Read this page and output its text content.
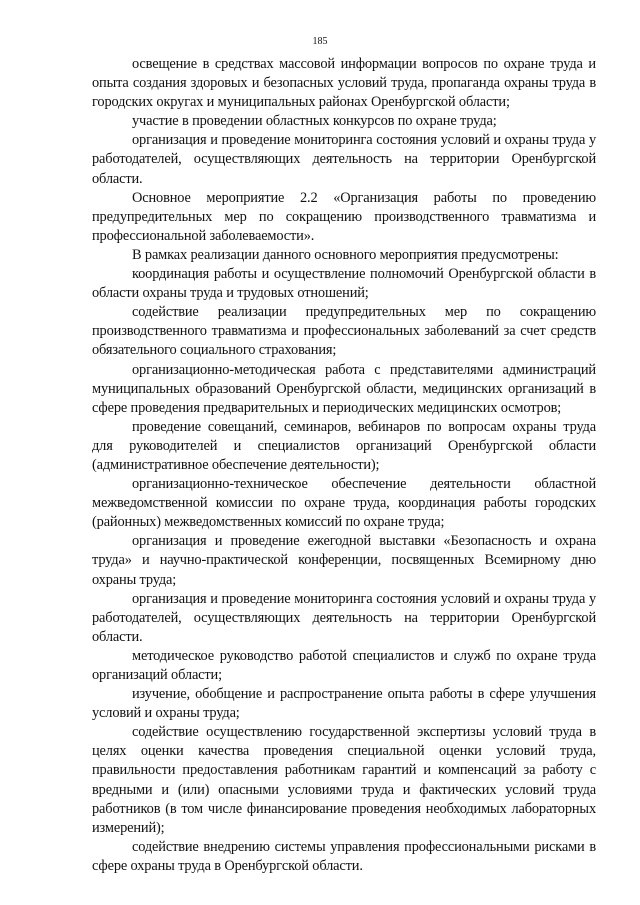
185

освещение в средствах массовой информации вопросов по охране труда и опыта создания здоровых и безопасных условий труда, пропаганда охраны труда в городских округах и муниципальных районах Оренбургской области;

участие в проведении областных конкурсов по охране труда;

организация и проведение мониторинга состояния условий и охраны труда у работодателей, осуществляющих деятельность на территории Оренбургской области.

Основное мероприятие 2.2 «Организация работы по проведению предупредительных мер по сокращению производственного травматизма и профессиональной заболеваемости».

В рамках реализации данного основного мероприятия предусмотрены:

координация работы и осуществление полномочий Оренбургской области в области охраны труда и трудовых отношений;

содействие реализации предупредительных мер по сокращению производственного травматизма и профессиональных заболеваний за счет средств обязательного социального страхования;

организационно-методическая работа с представителями администраций муниципальных образований Оренбургской области, медицинских организаций в сфере проведения предварительных и периодических медицинских осмотров;

проведение совещаний, семинаров, вебинаров по вопросам охраны труда для руководителей и специалистов организаций Оренбургской области (административное обеспечение деятельности);

организационно-техническое обеспечение деятельности областной межведомственной комиссии по охране труда, координация работы городских (районных) межведомственных комиссий по охране труда;

организация и проведение ежегодной выставки «Безопасность и охрана труда» и научно-практической конференции, посвященных Всемирному дню охраны труда;

организация и проведение мониторинга состояния условий и охраны труда у работодателей, осуществляющих деятельность на территории Оренбургской области.

методическое руководство работой специалистов и служб по охране труда организаций области;

изучение, обобщение и распространение опыта работы в сфере улучшения условий и охраны труда;

содействие осуществлению государственной экспертизы условий труда в целях оценки качества проведения специальной оценки условий труда, правильности предоставления работникам гарантий и компенсаций за работу с вредными и (или) опасными условиями труда и фактических условий труда работников (в том числе финансирование проведения необходимых лабораторных измерений);

содействие внедрению системы управления профессиональными рисками в сфере охраны труда в Оренбургской области.
